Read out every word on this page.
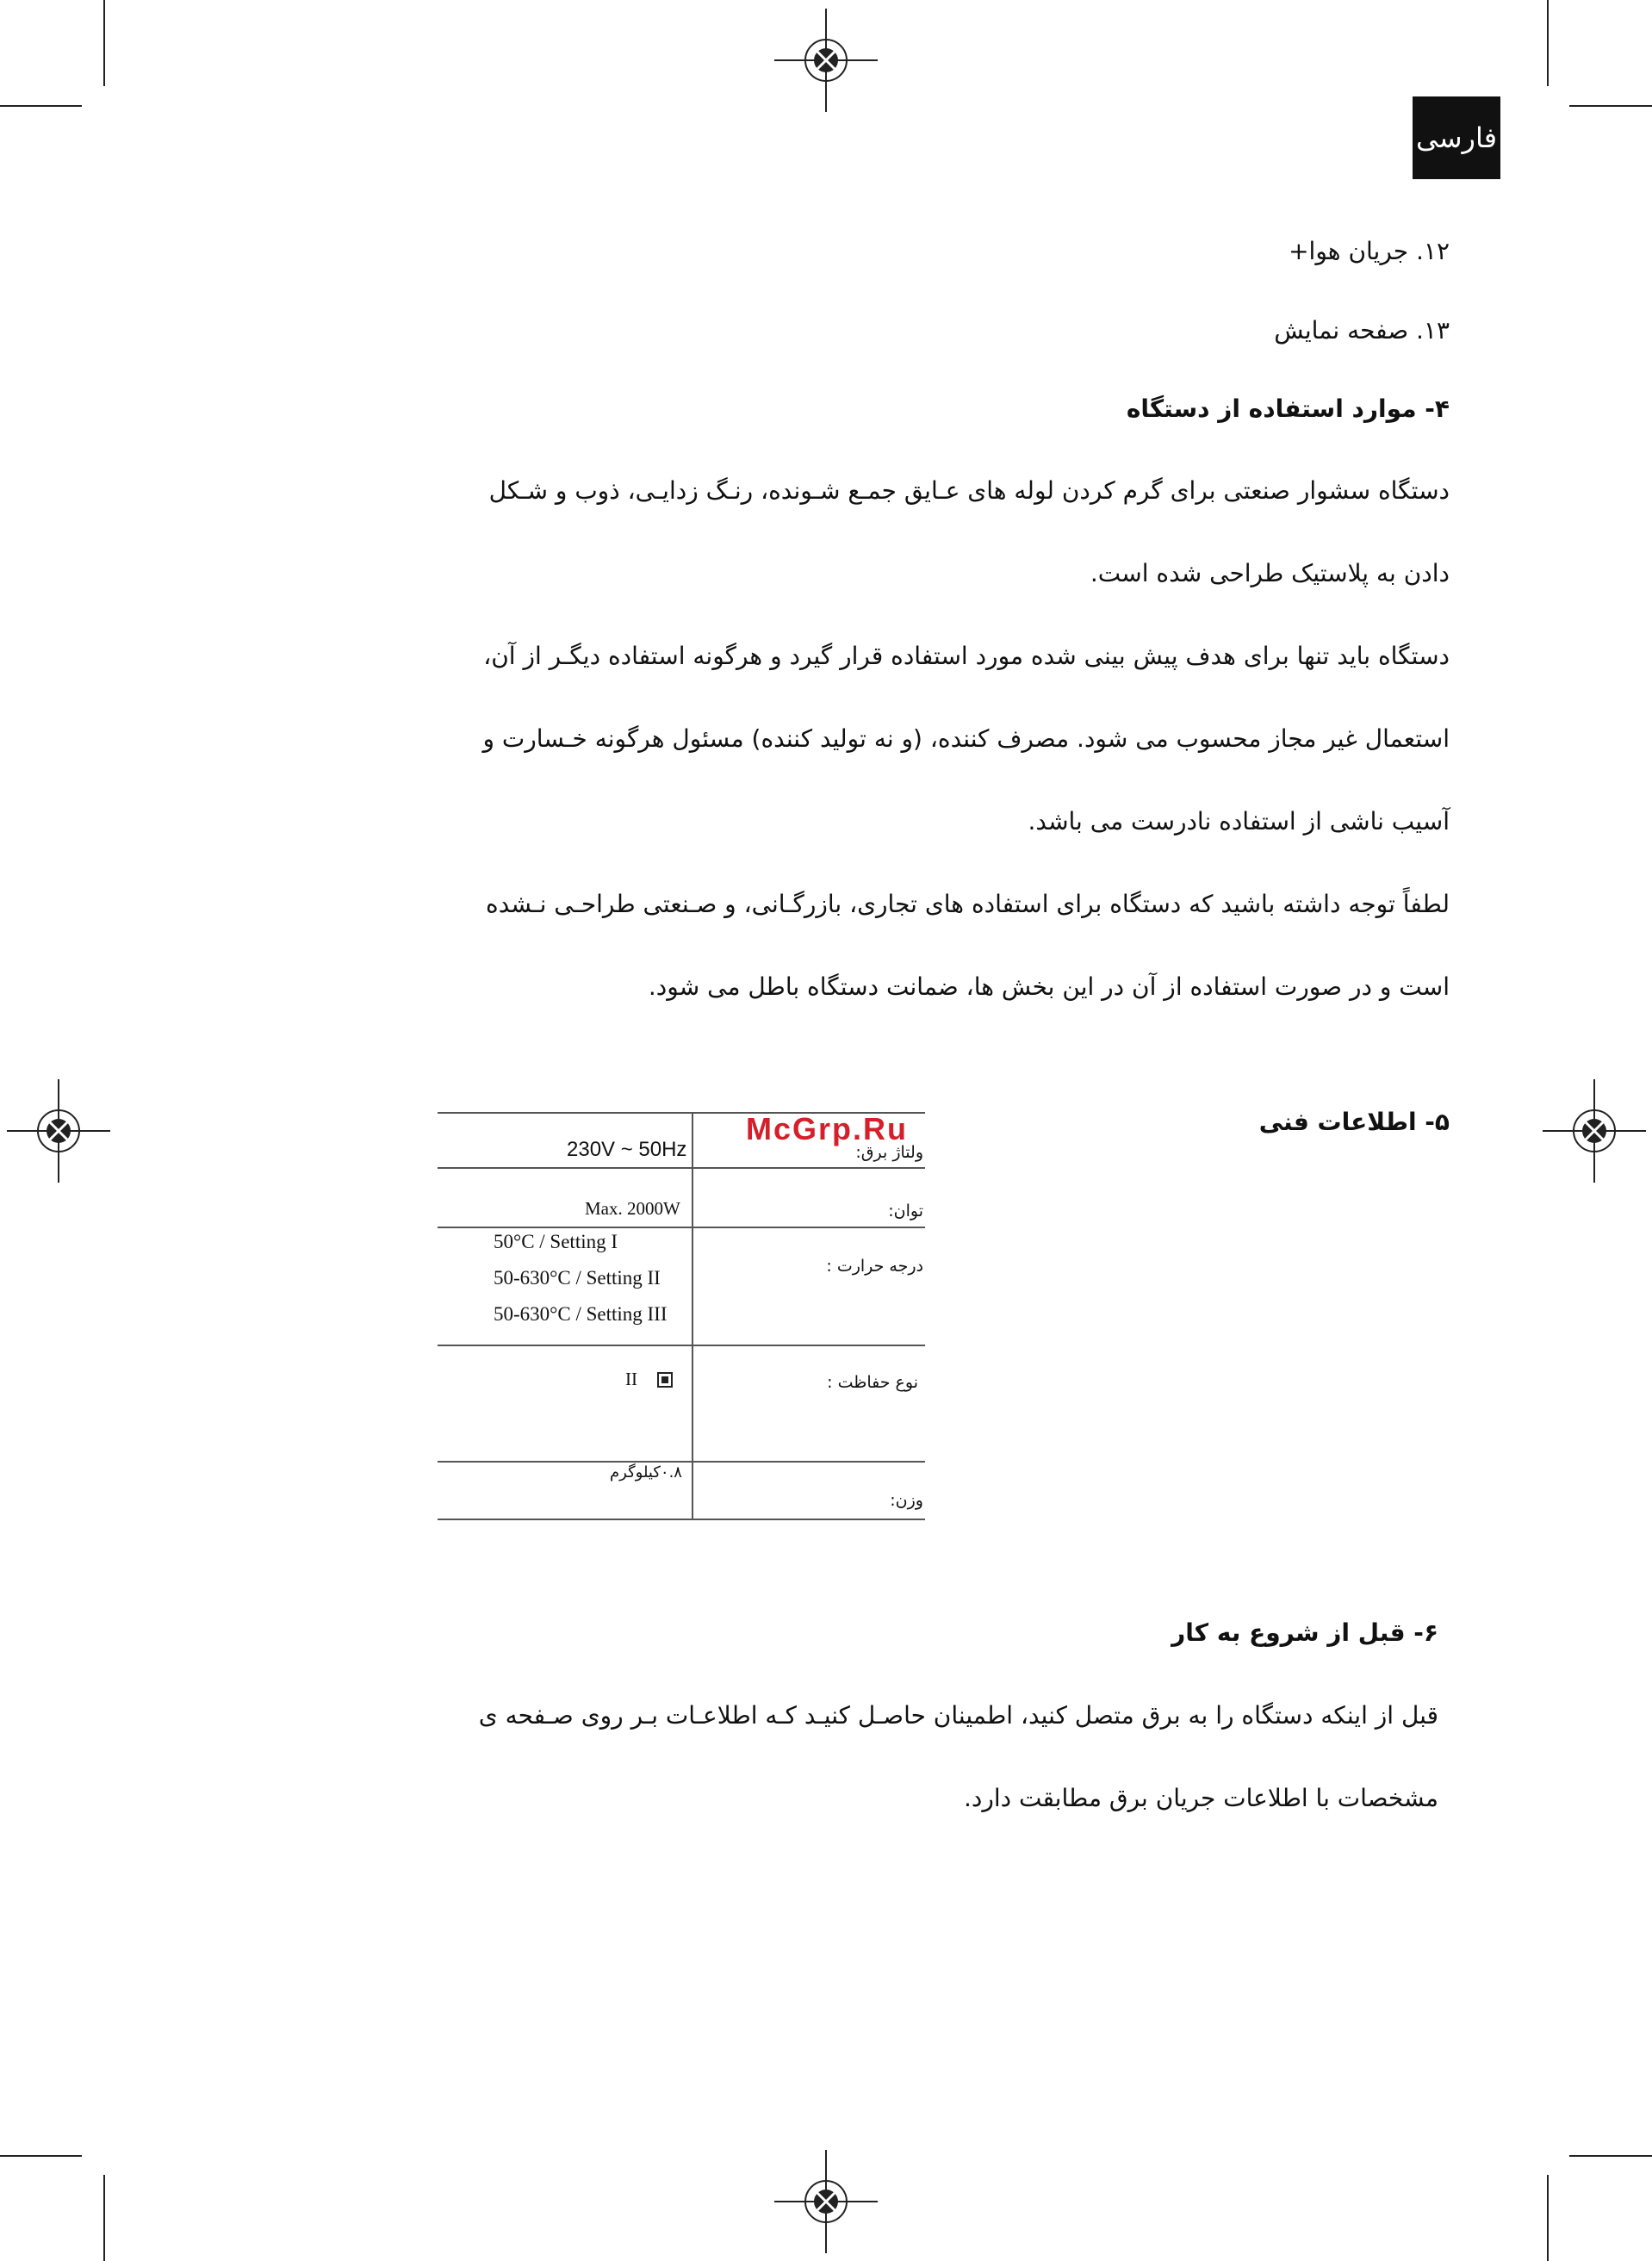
فارسی
۱۲. جریان هوا+
۱۳. صفحه نمایش
۴- موارد استفاده از دستگاه
دستگاه سشوار صنعتی برای گرم کردن لوله های عـایق جمـع شـونده، رنـگ زدایـی، ذوب و شـکل
دادن به پلاستیک طراحی شده است.
دستگاه باید تنها برای هدف پیش بینی شده مورد استفاده قرار گیرد و هرگونه استفاده دیگـر از آن،
استعمال غیر مجاز محسوب می شود. مصرف کننده، (و نه تولید کننده) مسئول هرگونه خـسارت و
آسیب ناشی از استفاده نادرست می باشد.
لطفاً توجه داشته باشید که دستگاه برای استفاده های تجاری، بازرگـانی، و صـنعتی طراحـی نـشده
است و در صورت استفاده از آن در این بخش ها، ضمانت دستگاه باطل می شود.
۵- اطلاعات فنی
ولتاژ برق:
230V ~ 50Hz
توان:
Max. 2000W
درجه حرارت :
50°C / Setting I
50-630°C / Setting II
50-630°C / Setting III
نوع حفاظت :
II
۰.۸کیلوگرم
وزن:
McGrp.Ru
۶- قبل از شروع به کار
قبل از اینکه دستگاه را به برق متصل کنید، اطمینان حاصـل کنیـد کـه اطلاعـات بـر روی صـفحه ی
مشخصات با اطلاعات جریان برق مطابقت دارد.
